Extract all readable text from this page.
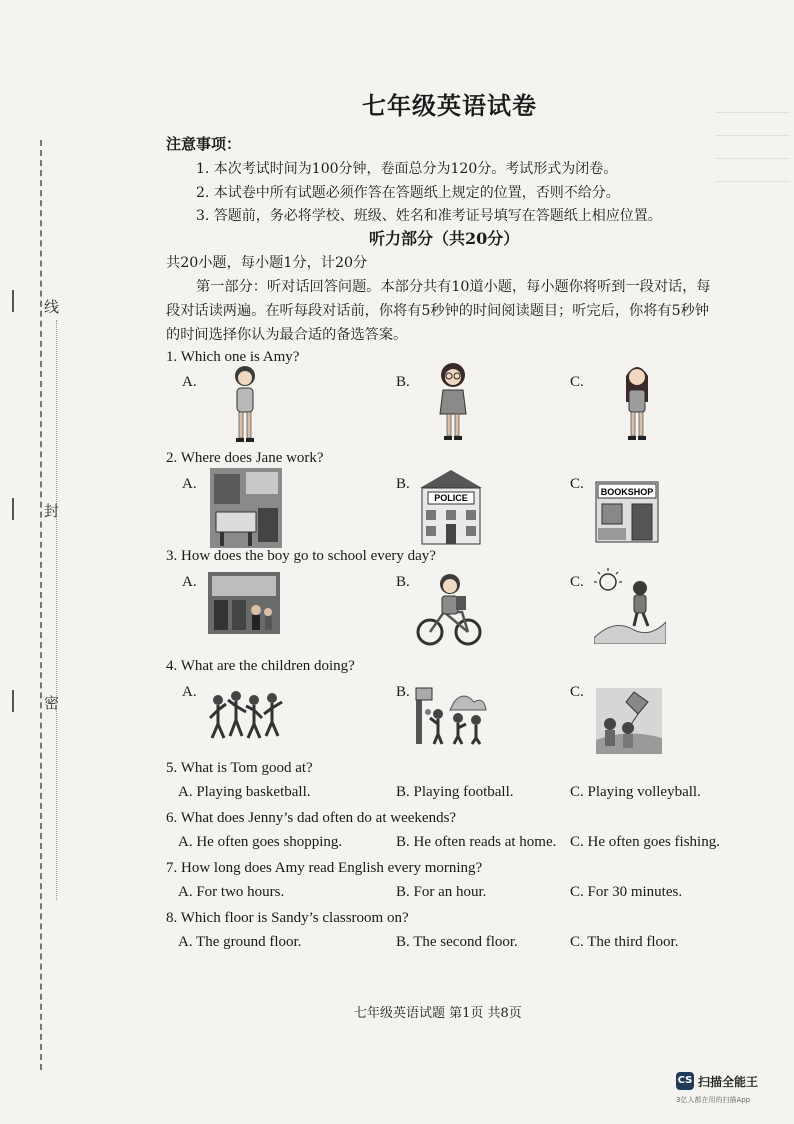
线
封
密
七年级英语试卷
注意事项：
1. 本次考试时间为100分钟，卷面总分为120分。考试形式为闭卷。
2. 本试卷中所有试题必须作答在答题纸上规定的位置，否则不给分。
3. 答题前，务必将学校、班级、姓名和准考证号填写在答题纸上相应位置。
听力部分（共20分）
共20小题，每小题1分，计20分
第一部分：听对话回答问题。本部分共有10道小题，每小题你将听到一段对话，每
段对话读两遍。在听每段对话前，你将有5秒钟的时间阅读题目；听完后，你将有5秒钟
的时间选择你认为最合适的备选答案。
1. Which one is Amy?
A.	B.	C.
2. Where does Jane work?
A.	B.	C.
POLICE
BOOKSHOP
3. How does the boy go to school every day?
A.	B.	C.
4. What are the children doing?
A.	B.	C.
5. What is Tom good at?
A. Playing basketball.	B. Playing football.	C. Playing volleyball.
6. What does Jenny’s dad often do at weekends?
A. He often goes shopping.	B. He often reads at home. C. He often goes fishing.
7. How long does Amy read English every morning?
A. For two hours.	B. For an hour.	C. For 30 minutes.
8. Which floor is Sandy’s classroom on?
A. The ground floor.	B. The second floor.	C. The third floor.
七年级英语试题 第1页 共8页
CS 扫描全能王
3亿人都在用的扫描App
